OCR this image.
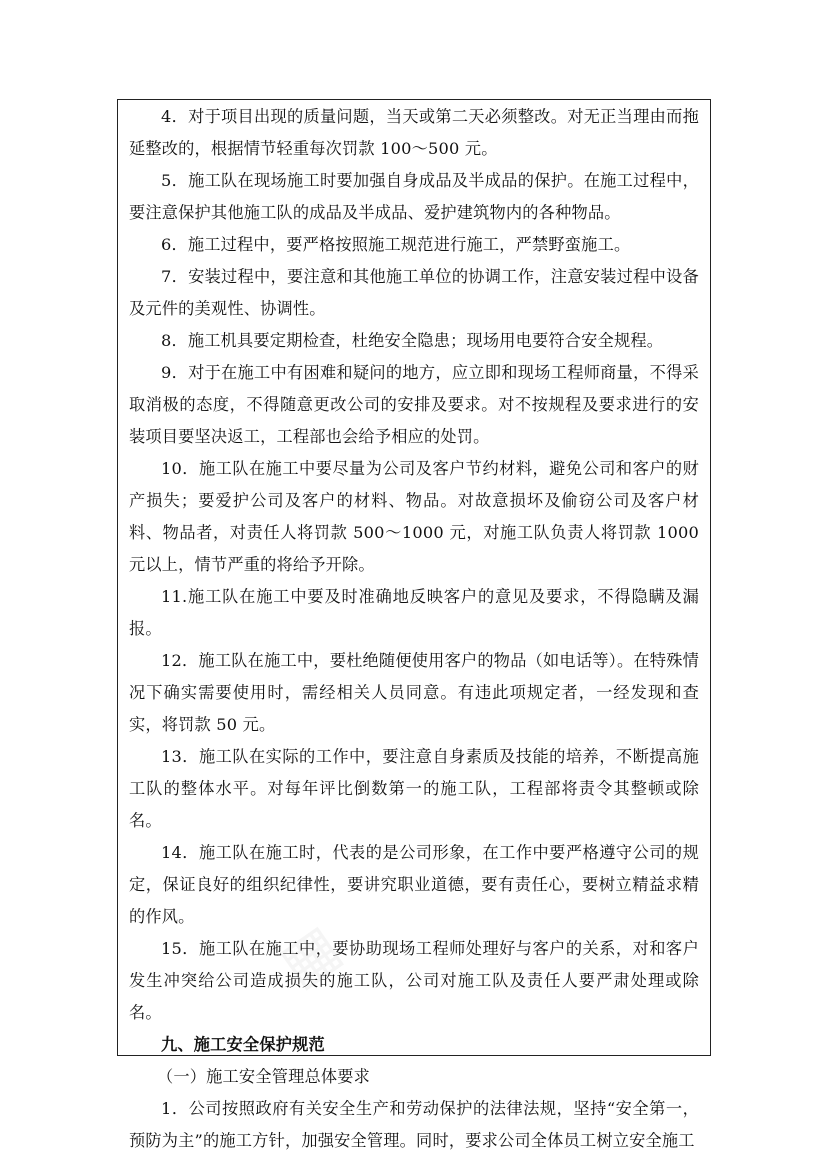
4．对于项目出现的质量问题，当天或第二天必须整改。对无正当理由而拖延整改的，根据情节轻重每次罚款 100～500 元。

5．施工队在现场施工时要加强自身成品及半成品的保护。在施工过程中，要注意保护其他施工队的成品及半成品、爱护建筑物内的各种物品。

6．施工过程中，要严格按照施工规范进行施工，严禁野蛮施工。

7．安装过程中，要注意和其他施工单位的协调工作，注意安装过程中设备及元件的美观性、协调性。

8．施工机具要定期检查，杜绝安全隐患；现场用电要符合安全规程。

9．对于在施工中有困难和疑问的地方，应立即和现场工程师商量，不得采取消极的态度，不得随意更改公司的安排及要求。对不按规程及要求进行的安装项目要坚决返工，工程部也会给予相应的处罚。

10．施工队在施工中要尽量为公司及客户节约材料，避免公司和客户的财产损失；要爱护公司及客户的材料、物品。对故意损坏及偷窃公司及客户材料、物品者，对责任人将罚款 500～1000 元，对施工队负责人将罚款 1000 元以上，情节严重的将给予开除。

11.施工队在施工中要及时准确地反映客户的意见及要求，不得隐瞒及漏报。

12．施工队在施工中，要杜绝随便使用客户的物品（如电话等）。在特殊情况下确实需要使用时，需经相关人员同意。有违此项规定者，一经发现和查实，将罚款 50 元。

13．施工队在实际的工作中，要注意自身素质及技能的培养，不断提高施工队的整体水平。对每年评比倒数第一的施工队，工程部将责令其整顿或除名。

14．施工队在施工时，代表的是公司形象，在工作中要严格遵守公司的规定，保证良好的组织纪律性，要讲究职业道德，要有责任心，要树立精益求精的作风。

15．施工队在施工中，要协助现场工程师处理好与客户的关系，对和客户发生冲突给公司造成损失的施工队，公司对施工队及责任人要严肃处理或除名。

九、施工安全保护规范

（一）施工安全管理总体要求

1．公司按照政府有关安全生产和劳动保护的法律法规，坚持“安全第一，预防为主”的施工方针，加强安全管理。同时，要求公司全体员工树立安全施工

▦
